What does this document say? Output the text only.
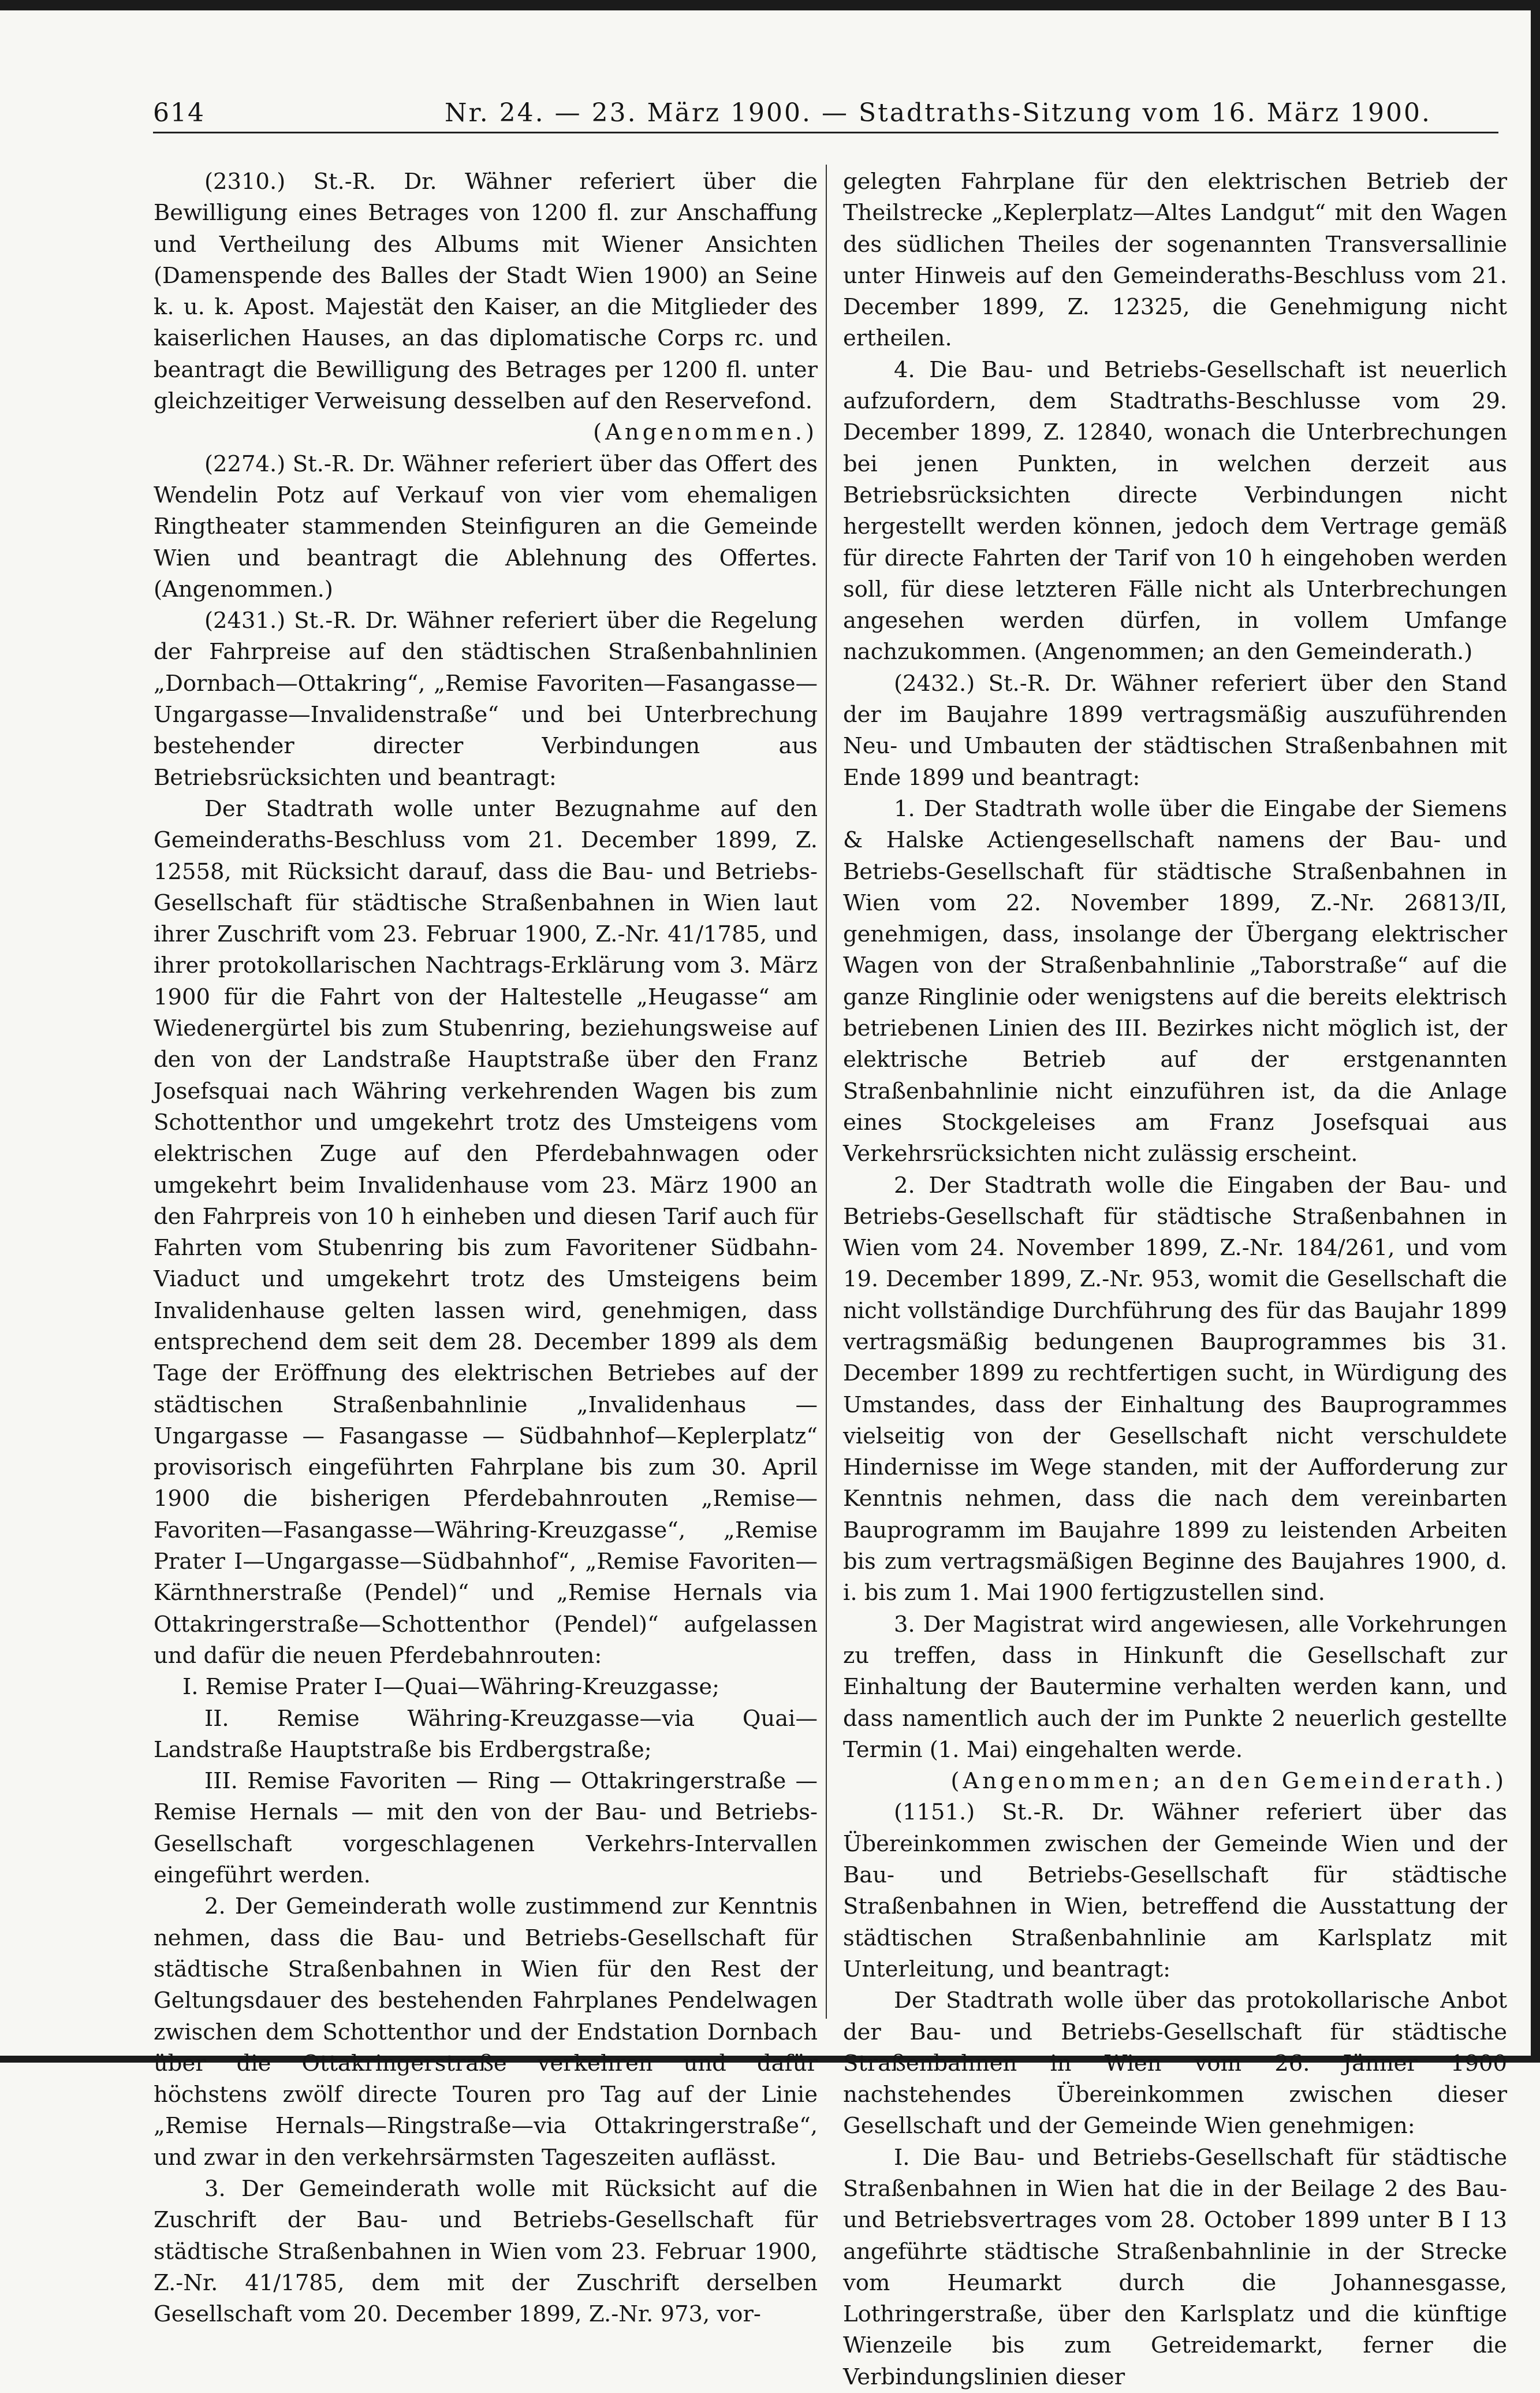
614	Nr. 24. — 23. März 1900. — Stadtraths-Sitzung vom 16. März 1900.

(2310.) St.-R. Dr. Wähner referiert über die Bewilligung eines Betrages von 1200 fl. zur Anschaffung und Vertheilung des Albums mit Wiener Ansichten (Damenspende des Balles der Stadt Wien 1900) an Seine k. u. k. Apost. Majestät den Kaiser, an die Mitglieder des kaiserlichen Hauses, an das diplomatische Corps rc. und beantragt die Bewilligung des Betrages per 1200 fl. unter gleichzeitiger Verweisung desselben auf den Reservefond.

(Angenommen.)

(2274.) St.-R. Dr. Wähner referiert über das Offert des Wendelin Potz auf Verkauf von vier vom ehemaligen Ringtheater stammenden Steinfiguren an die Gemeinde Wien und beantragt die Ablehnung des Offertes. (Angenommen.)

(2431.) St.-R. Dr. Wähner referiert über die Regelung der Fahrpreise auf den städtischen Straßenbahnlinien „Dornbach—Ottakring“, „Remise Favoriten—Fasangasse—Ungargasse—Invalidenstraße“ und bei Unterbrechung bestehender directer Verbindungen aus Betriebsrücksichten und beantragt:

Der Stadtrath wolle unter Bezugnahme auf den Gemeinderaths-Beschluss vom 21. December 1899, Z. 12558, mit Rücksicht darauf, dass die Bau- und Betriebs-Gesellschaft für städtische Straßenbahnen in Wien laut ihrer Zuschrift vom 23. Februar 1900, Z.-Nr. 41/1785, und ihrer protokollarischen Nachtrags-Erklärung vom 3. März 1900 für die Fahrt von der Haltestelle „Heugasse“ am Wiedenergürtel bis zum Stubenring, beziehungsweise auf den von der Landstraße Hauptstraße über den Franz Josefsquai nach Währing verkehrenden Wagen bis zum Schottenthor und umgekehrt trotz des Umsteigens vom elektrischen Zuge auf den Pferdebahnwagen oder umgekehrt beim Invalidenhause vom 23. März 1900 an den Fahrpreis von 10 h einheben und diesen Tarif auch für Fahrten vom Stubenring bis zum Favoritener Südbahn-Viaduct und umgekehrt trotz des Umsteigens beim Invalidenhause gelten lassen wird, genehmigen, dass entsprechend dem seit dem 28. December 1899 als dem Tage der Eröffnung des elektrischen Betriebes auf der städtischen Straßenbahnlinie „Invalidenhaus — Ungargasse — Fasangasse — Südbahnhof—Keplerplatz“ provisorisch eingeführten Fahrplane bis zum 30. April 1900 die bisherigen Pferdebahnrouten „Remise—Favoriten—Fasangasse—Währing-Kreuzgasse“, „Remise Prater I—Ungargasse—Südbahnhof“, „Remise Favoriten—Kärnthnerstraße (Pendel)“ und „Remise Hernals via Ottakringerstraße—Schottenthor (Pendel)“ aufgelassen und dafür die neuen Pferdebahnrouten:

I. Remise Prater I—Quai—Währing-Kreuzgasse;

II. Remise Währing-Kreuzgasse—via Quai—Landstraße Hauptstraße bis Erdbergstraße;

III. Remise Favoriten — Ring — Ottakringerstraße — Remise Hernals — mit den von der Bau- und Betriebs-Gesellschaft vorgeschlagenen Verkehrs-Intervallen eingeführt werden.

2. Der Gemeinderath wolle zustimmend zur Kenntnis nehmen, dass die Bau- und Betriebs-Gesellschaft für städtische Straßenbahnen in Wien für den Rest der Geltungsdauer des bestehenden Fahrplanes Pendelwagen zwischen dem Schottenthor und der Endstation Dornbach über die Ottakringerstraße verkehren und dafür höchstens zwölf directe Touren pro Tag auf der Linie „Remise Hernals—Ringstraße—via Ottakringerstraße“, und zwar in den verkehrsärmsten Tageszeiten auflässt.

3. Der Gemeinderath wolle mit Rücksicht auf die Zuschrift der Bau- und Betriebs-Gesellschaft für städtische Straßenbahnen in Wien vom 23. Februar 1900, Z.-Nr. 41/1785, dem mit der Zuschrift derselben Gesellschaft vom 20. December 1899, Z.-Nr. 973, vor-

gelegten Fahrplane für den elektrischen Betrieb der Theilstrecke „Keplerplatz—Altes Landgut“ mit den Wagen des südlichen Theiles der sogenannten Transversallinie unter Hinweis auf den Gemeinderaths-Beschluss vom 21. December 1899, Z. 12325, die Genehmigung nicht ertheilen.

4. Die Bau- und Betriebs-Gesellschaft ist neuerlich aufzufordern, dem Stadtraths-Beschlusse vom 29. December 1899, Z. 12840, wonach die Unterbrechungen bei jenen Punkten, in welchen derzeit aus Betriebsrücksichten directe Verbindungen nicht hergestellt werden können, jedoch dem Vertrage gemäß für directe Fahrten der Tarif von 10 h eingehoben werden soll, für diese letzteren Fälle nicht als Unterbrechungen angesehen werden dürfen, in vollem Umfange nachzukommen. (Angenommen; an den Gemeinderath.)

(2432.) St.-R. Dr. Wähner referiert über den Stand der im Baujahre 1899 vertragsmäßig auszuführenden Neu- und Umbauten der städtischen Straßenbahnen mit Ende 1899 und beantragt:

1. Der Stadtrath wolle über die Eingabe der Siemens & Halske Actiengesellschaft namens der Bau- und Betriebs-Gesellschaft für städtische Straßenbahnen in Wien vom 22. November 1899, Z.-Nr. 26813/II, genehmigen, dass, insolange der Übergang elektrischer Wagen von der Straßenbahnlinie „Taborstraße“ auf die ganze Ringlinie oder wenigstens auf die bereits elektrisch betriebenen Linien des III. Bezirkes nicht möglich ist, der elektrische Betrieb auf der erstgenannten Straßenbahnlinie nicht einzuführen ist, da die Anlage eines Stockgeleises am Franz Josefsquai aus Verkehrsrücksichten nicht zulässig erscheint.

2. Der Stadtrath wolle die Eingaben der Bau- und Betriebs-Gesellschaft für städtische Straßenbahnen in Wien vom 24. November 1899, Z.-Nr. 184/261, und vom 19. December 1899, Z.-Nr. 953, womit die Gesellschaft die nicht vollständige Durchführung des für das Baujahr 1899 vertragsmäßig bedungenen Bauprogrammes bis 31. December 1899 zu rechtfertigen sucht, in Würdigung des Umstandes, dass der Einhaltung des Bauprogrammes vielseitig von der Gesellschaft nicht verschuldete Hindernisse im Wege standen, mit der Aufforderung zur Kenntnis nehmen, dass die nach dem vereinbarten Bauprogramm im Baujahre 1899 zu leistenden Arbeiten bis zum vertragsmäßigen Beginne des Baujahres 1900, d. i. bis zum 1. Mai 1900 fertigzustellen sind.

3. Der Magistrat wird angewiesen, alle Vorkehrungen zu treffen, dass in Hinkunft die Gesellschaft zur Einhaltung der Bautermine verhalten werden kann, und dass namentlich auch der im Punkte 2 neuerlich gestellte Termin (1. Mai) eingehalten werde.

(Angenommen; an den Gemeinderath.)

(1151.) St.-R. Dr. Wähner referiert über das Übereinkommen zwischen der Gemeinde Wien und der Bau- und Betriebs-Gesellschaft für städtische Straßenbahnen in Wien, betreffend die Ausstattung der städtischen Straßenbahnlinie am Karlsplatz mit Unterleitung, und beantragt:

Der Stadtrath wolle über das protokollarische Anbot der Bau- und Betriebs-Gesellschaft für städtische Straßenbahnen in Wien vom 26. Jänner 1900 nachstehendes Übereinkommen zwischen dieser Gesellschaft und der Gemeinde Wien genehmigen:

I. Die Bau- und Betriebs-Gesellschaft für städtische Straßenbahnen in Wien hat die in der Beilage 2 des Bau- und Betriebsvertrages vom 28. October 1899 unter B I 13 angeführte städtische Straßenbahnlinie in der Strecke vom Heumarkt durch die Johannesgasse, Lothringerstraße, über den Karlsplatz und die künftige Wienzeile bis zum Getreidemarkt, ferner die Verbindungslinien dieser
